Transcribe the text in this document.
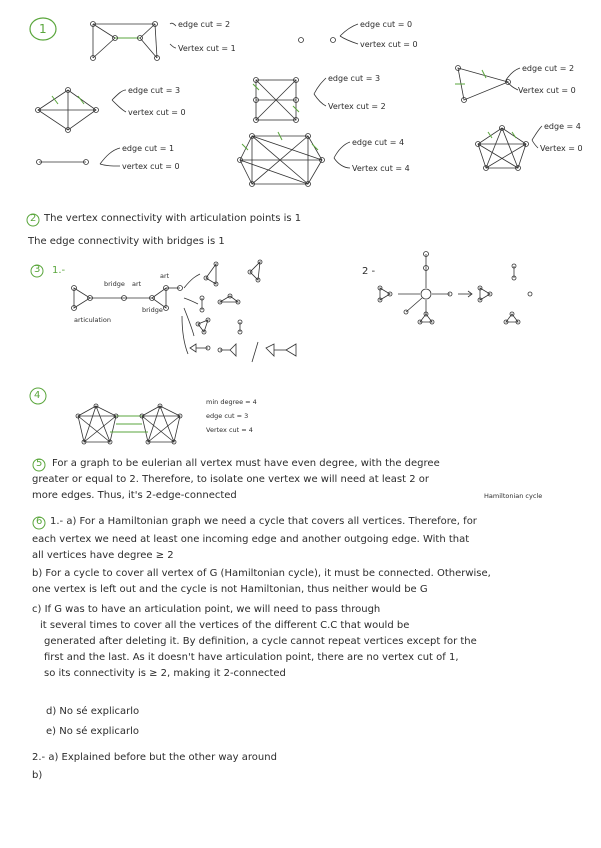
1	edge cut = 2
Vertex cut = 1
edge cut = 0
vertex cut = 0
edge cut = 3
vertex cut = 0
edge cut = 3
Vertex cut = 2
edge cut = 2
Vertex cut = 0
edge cut = 1
vertex cut = 0
edge cut = 4
Vertex cut = 4
edge = 4
Vertex = 0
2 The vertex connectivity with articulation points is 1
The edge connectivity with bridges is 1
3 1.-
bridge art
art
bridge
articulation
2 -
4
min degree = 4
edge cut = 3
Vertex cut = 4
5 For a graph to be eulerian all vertex must have even degree, with the degree
greater or equal to 2. Therefore, to isolate one vertex we will need at least 2 or
more edges. Thus, it's 2-edge-connected	Hamiltonian cycle
6 1.- a) For a Hamiltonian graph we need a cycle that covers all vertices. Therefore, for
each vertex we need at least one incoming edge and another outgoing edge. With that
all vertices have degree ≥ 2
b) For a cycle to cover all vertex of G (Hamiltonian cycle), it must be connected. Otherwise,
one vertex is left out and the cycle is not Hamiltonian, thus neither would be G
c) If G was to have an articulation point, we will need to pass through
it several times to cover all the vertices of the different C.C that would be
generated after deleting it. By definition, a cycle cannot repeat vertices except for the
first and the last. As it doesn't have articulation point, there are no vertex cut of 1,
so its connectivity is ≥ 2, making it 2-connected
d) No sé explicarlo
e) No sé explicarlo
2.- a) Explained before but the other way around
b)
